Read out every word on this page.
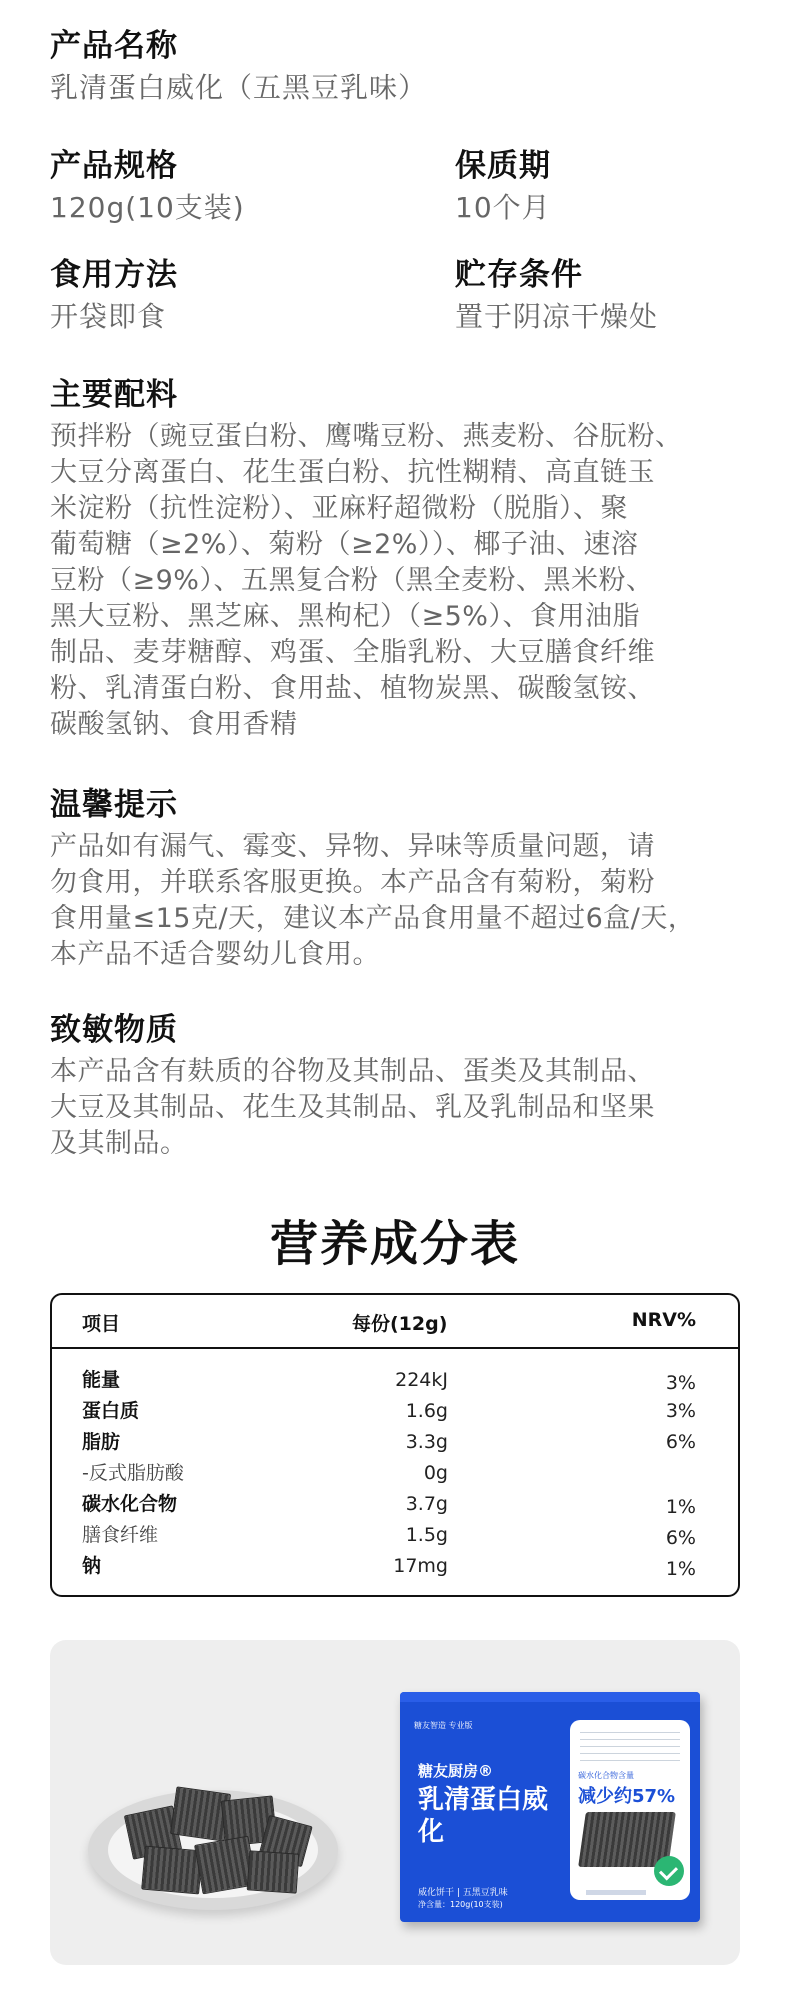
产品名称
乳清蛋白威化（五黑豆乳味）
产品规格
120g(10支装)
保质期
10个月
食用方法
开袋即食
贮存条件
置于阴凉干燥处
主要配料
预拌粉（豌豆蛋白粉、鹰嘴豆粉、燕麦粉、谷朊粉、
大豆分离蛋白、花生蛋白粉、抗性糊精、高直链玉
米淀粉（抗性淀粉）、亚麻籽超微粉（脱脂）、聚
葡萄糖（≥2%）、菊粉（≥2%））、椰子油、速溶
豆粉（≥9%）、五黑复合粉（黑全麦粉、黑米粉、
黑大豆粉、黑芝麻、黑枸杞）（≥5%）、食用油脂
制品、麦芽糖醇、鸡蛋、全脂乳粉、大豆膳食纤维
粉、乳清蛋白粉、食用盐、植物炭黑、碳酸氢铵、
碳酸氢钠、食用香精
温馨提示
产品如有漏气、霉变、异物、异味等质量问题，请
勿食用，并联系客服更换。本产品含有菊粉，菊粉
食用量≤15克/天，建议本产品食用量不超过6盒/天，
本产品不适合婴幼儿食用。
致敏物质
本产品含有麸质的谷物及其制品、蛋类及其制品、
大豆及其制品、花生及其制品、乳及乳制品和坚果
及其制品。
营养成分表
项目	每份(12g)	NRV%
能量	224kJ	3%
蛋白质	1.6g	3%
脂肪	3.3g	6%
-反式脂肪酸	0g
碳水化合物	3.7g	1%
膳食纤维	1.5g	6%
钠	17mg	1%
糖友智造 专业版
糖友厨房®
乳清蛋白威化
威化饼干 | 五黑豆乳味
净含量：120g(10支装)
碳水化合物含量
减少约57%
